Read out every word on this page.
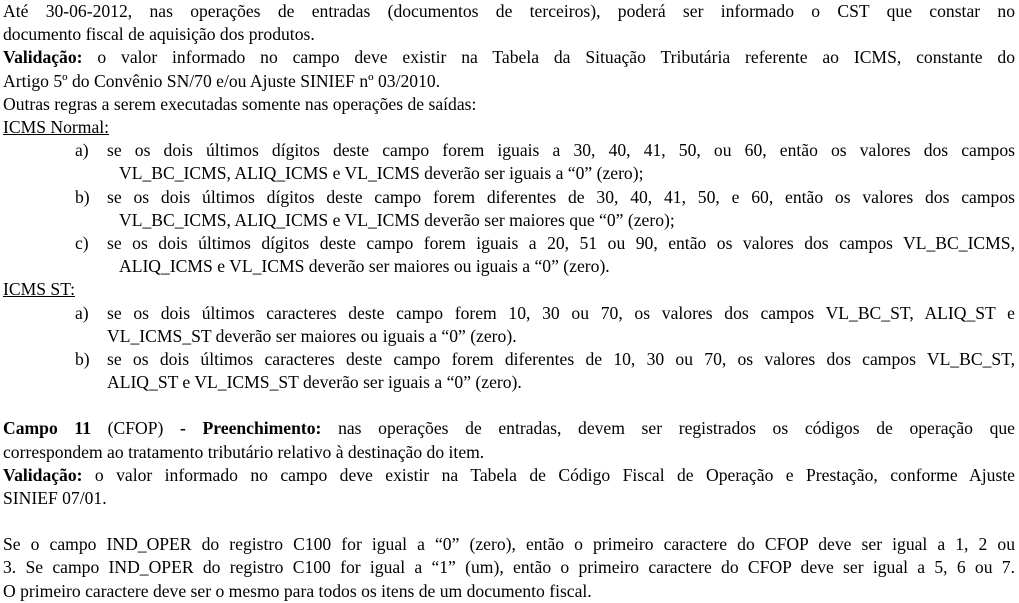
Até 30-06-2012, nas operações de entradas (documentos de terceiros), poderá ser informado o CST que constar no

documento fiscal de aquisição dos produtos.

Validação: o valor informado no campo deve existir na Tabela da Situação Tributária referente ao ICMS, constante do

Artigo 5º do Convênio SN/70 e/ou Ajuste SINIEF nº 03/2010.

Outras regras a serem executadas somente nas operações de saídas:

ICMS Normal:

a)	se os dois últimos dígitos deste campo forem iguais a 30, 40, 41, 50, ou 60, então os valores dos campos

VL_BC_ICMS, ALIQ_ICMS e VL_ICMS deverão ser iguais a “0” (zero);

b) se os dois últimos dígitos deste campo forem diferentes de 30, 40, 41, 50, e 60, então os valores dos campos

VL_BC_ICMS, ALIQ_ICMS e VL_ICMS deverão ser maiores que “0” (zero);

c)	se os dois últimos dígitos deste campo forem iguais a 20, 51 ou 90, então os valores dos campos VL_BC_ICMS,

ALIQ_ICMS e VL_ICMS deverão ser maiores ou iguais a “0” (zero).

ICMS ST:

a)	se os dois últimos caracteres deste campo forem 10, 30 ou 70, os valores dos campos VL_BC_ST, ALIQ_ST e

VL_ICMS_ST deverão ser maiores ou iguais a “0” (zero).

b) se os dois últimos caracteres deste campo forem diferentes de 10, 30 ou 70, os valores dos campos VL_BC_ST,

ALIQ_ST e VL_ICMS_ST deverão ser iguais a “0” (zero).

Campo 11 (CFOP) - Preenchimento: nas operações de entradas, devem ser registrados os códigos de operação que

correspondem ao tratamento tributário relativo à destinação do item.

Validação: o valor informado no campo deve existir na Tabela de Código Fiscal de Operação e Prestação, conforme Ajuste

SINIEF 07/01.

Se o campo IND_OPER do registro C100 for igual a “0” (zero), então o primeiro caractere do CFOP deve ser igual a 1, 2 ou

3. Se campo IND_OPER do registro C100 for igual a “1” (um), então o primeiro caractere do CFOP deve ser igual a 5, 6 ou 7.

O primeiro caractere deve ser o mesmo para todos os itens de um documento fiscal.
